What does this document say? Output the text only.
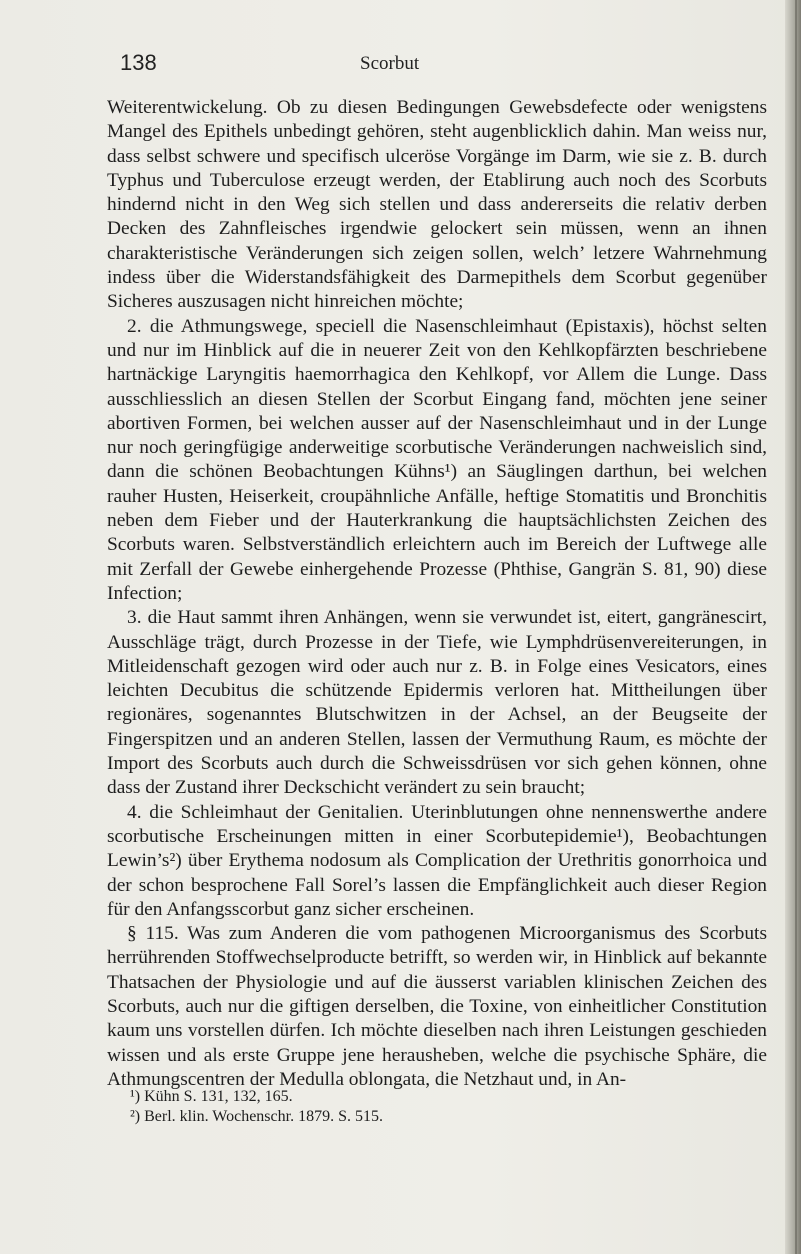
138	Scorbut

Weiterentwickelung. Ob zu diesen Bedingungen Gewebsdefecte oder wenigstens Mangel des Epithels unbedingt gehören, steht augenblicklich dahin. Man weiss nur, dass selbst schwere und specifisch ulceröse Vorgänge im Darm, wie sie z. B. durch Typhus und Tuberculose erzeugt werden, der Etablirung auch noch des Scorbuts hindernd nicht in den Weg sich stellen und dass andererseits die relativ derben Decken des Zahnfleisches irgendwie gelockert sein müssen, wenn an ihnen charakteristische Veränderungen sich zeigen sollen, welch’ letzere Wahrnehmung indess über die Widerstandsfähigkeit des Darmepithels dem Scorbut gegenüber Sicheres auszusagen nicht hinreichen möchte;

2. die Athmungswege, speciell die Nasenschleimhaut (Epistaxis), höchst selten und nur im Hinblick auf die in neuerer Zeit von den Kehlkopfärzten beschriebene hartnäckige Laryngitis haemorrhagica den Kehlkopf, vor Allem die Lunge. Dass ausschliesslich an diesen Stellen der Scorbut Eingang fand, möchten jene seiner abortiven Formen, bei welchen ausser auf der Nasenschleimhaut und in der Lunge nur noch geringfügige anderweitige scorbutische Veränderungen nachweislich sind, dann die schönen Beobachtungen Kühns¹) an Säuglingen darthun, bei welchen rauher Husten, Heiserkeit, croupähnliche Anfälle, heftige Stomatitis und Bronchitis neben dem Fieber und der Hauterkrankung die hauptsächlichsten Zeichen des Scorbuts waren. Selbstverständlich erleichtern auch im Bereich der Luftwege alle mit Zerfall der Gewebe einhergehende Prozesse (Phthise, Gangrän S. 81, 90) diese Infection;

3. die Haut sammt ihren Anhängen, wenn sie verwundet ist, eitert, gangränescirt, Ausschläge trägt, durch Prozesse in der Tiefe, wie Lymphdrüsenvereiterungen, in Mitleidenschaft gezogen wird oder auch nur z. B. in Folge eines Vesicators, eines leichten Decubitus die schützende Epidermis verloren hat. Mittheilungen über regionäres, sogenanntes Blutschwitzen in der Achsel, an der Beugseite der Fingerspitzen und an anderen Stellen, lassen der Vermuthung Raum, es möchte der Import des Scorbuts auch durch die Schweissdrüsen vor sich gehen können, ohne dass der Zustand ihrer Deckschicht verändert zu sein braucht;

4. die Schleimhaut der Genitalien. Uterinblutungen ohne nennenswerthe andere scorbutische Erscheinungen mitten in einer Scorbutepidemie¹), Beobachtungen Lewin’s²) über Erythema nodosum als Complication der Urethritis gonorrhoica und der schon besprochene Fall Sorel’s lassen die Empfänglichkeit auch dieser Region für den Anfangsscorbut ganz sicher erscheinen.

§ 115. Was zum Anderen die vom pathogenen Microorganismus des Scorbuts herrührenden Stoffwechselproducte betrifft, so werden wir, in Hinblick auf bekannte Thatsachen der Physiologie und auf die äusserst variablen klinischen Zeichen des Scorbuts, auch nur die giftigen derselben, die Toxine, von einheitlicher Constitution kaum uns vorstellen dürfen. Ich möchte dieselben nach ihren Leistungen geschieden wissen und als erste Gruppe jene herausheben, welche die psychische Sphäre, die Athmungscentren der Medulla oblongata, die Netzhaut und, in An-

¹) Kühn S. 131, 132, 165.

²) Berl. klin. Wochenschr. 1879. S. 515.
